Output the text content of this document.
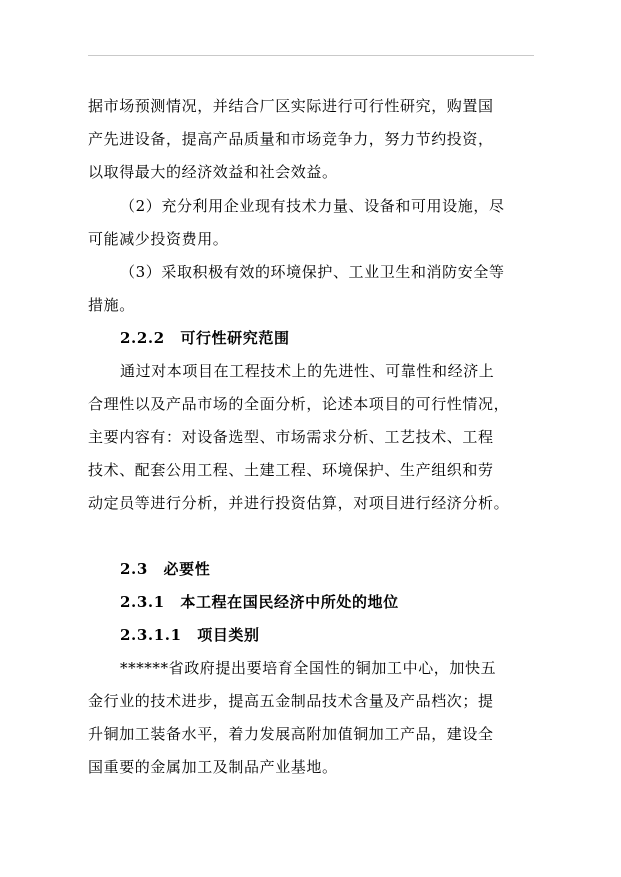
据市场预测情况，并结合厂区实际进行可行性研究，购置国
产先进设备，提高产品质量和市场竞争力，努力节约投资，
以取得最大的经济效益和社会效益。
（2）充分利用企业现有技术力量、设备和可用设施，尽
可能减少投资费用。
（3）采取积极有效的环境保护、工业卫生和消防安全等
措施。
2.2.2　可行性研究范围
通过对本项目在工程技术上的先进性、可靠性和经济上
合理性以及产品市场的全面分析，论述本项目的可行性情况，
主要内容有：对设备选型、市场需求分析、工艺技术、工程
技术、配套公用工程、土建工程、环境保护、生产组织和劳
动定员等进行分析，并进行投资估算，对项目进行经济分析。
2.3　必要性
2.3.1　本工程在国民经济中所处的地位
2.3.1.1　项目类别
******省政府提出要培育全国性的铜加工中心，加快五
金行业的技术进步，提高五金制品技术含量及产品档次；提
升铜加工装备水平，着力发展高附加值铜加工产品，建设全
国重要的金属加工及制品产业基地。
